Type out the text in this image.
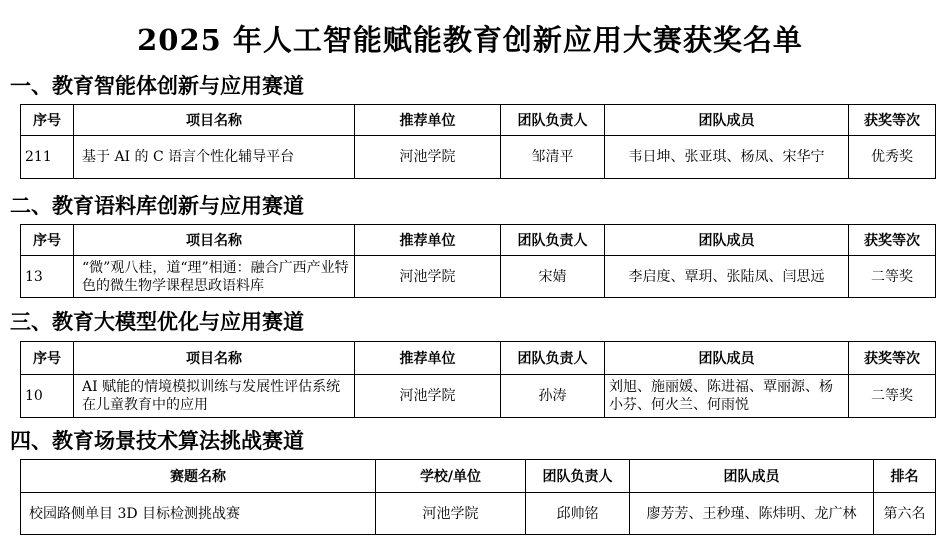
2025 年人工智能赋能教育创新应用大赛获奖名单
一、教育智能体创新与应用赛道
序号	项目名称	推荐单位	团队负责人	团队成员	获奖等次
211	基于 AI 的 C 语言个性化辅导平台	河池学院	邹清平	韦日坤、张亚琪、杨凤、宋华宁	优秀奖
二、教育语料库创新与应用赛道
序号	项目名称	推荐单位	团队负责人	团队成员	获奖等次
13	“微”观八桂，道“理”相通：融合广西产业特色的微生物学课程思政语料库	河池学院	宋婧	李启度、覃玥、张陆凤、闫思远	二等奖
三、教育大模型优化与应用赛道
序号	项目名称	推荐单位	团队负责人	团队成员	获奖等次
10	AI 赋能的情境模拟训练与发展性评估系统在儿童教育中的应用	河池学院	孙涛	刘旭、施丽媛、陈进福、覃丽源、杨小芬、何火兰、何雨悦	二等奖
四、教育场景技术算法挑战赛道
赛题名称	学校/单位	团队负责人	团队成员	排名
校园路侧单目 3D 目标检测挑战赛	河池学院	邱帅铭	廖芳芳、王秒瑾、陈炜明、龙广林	第六名
